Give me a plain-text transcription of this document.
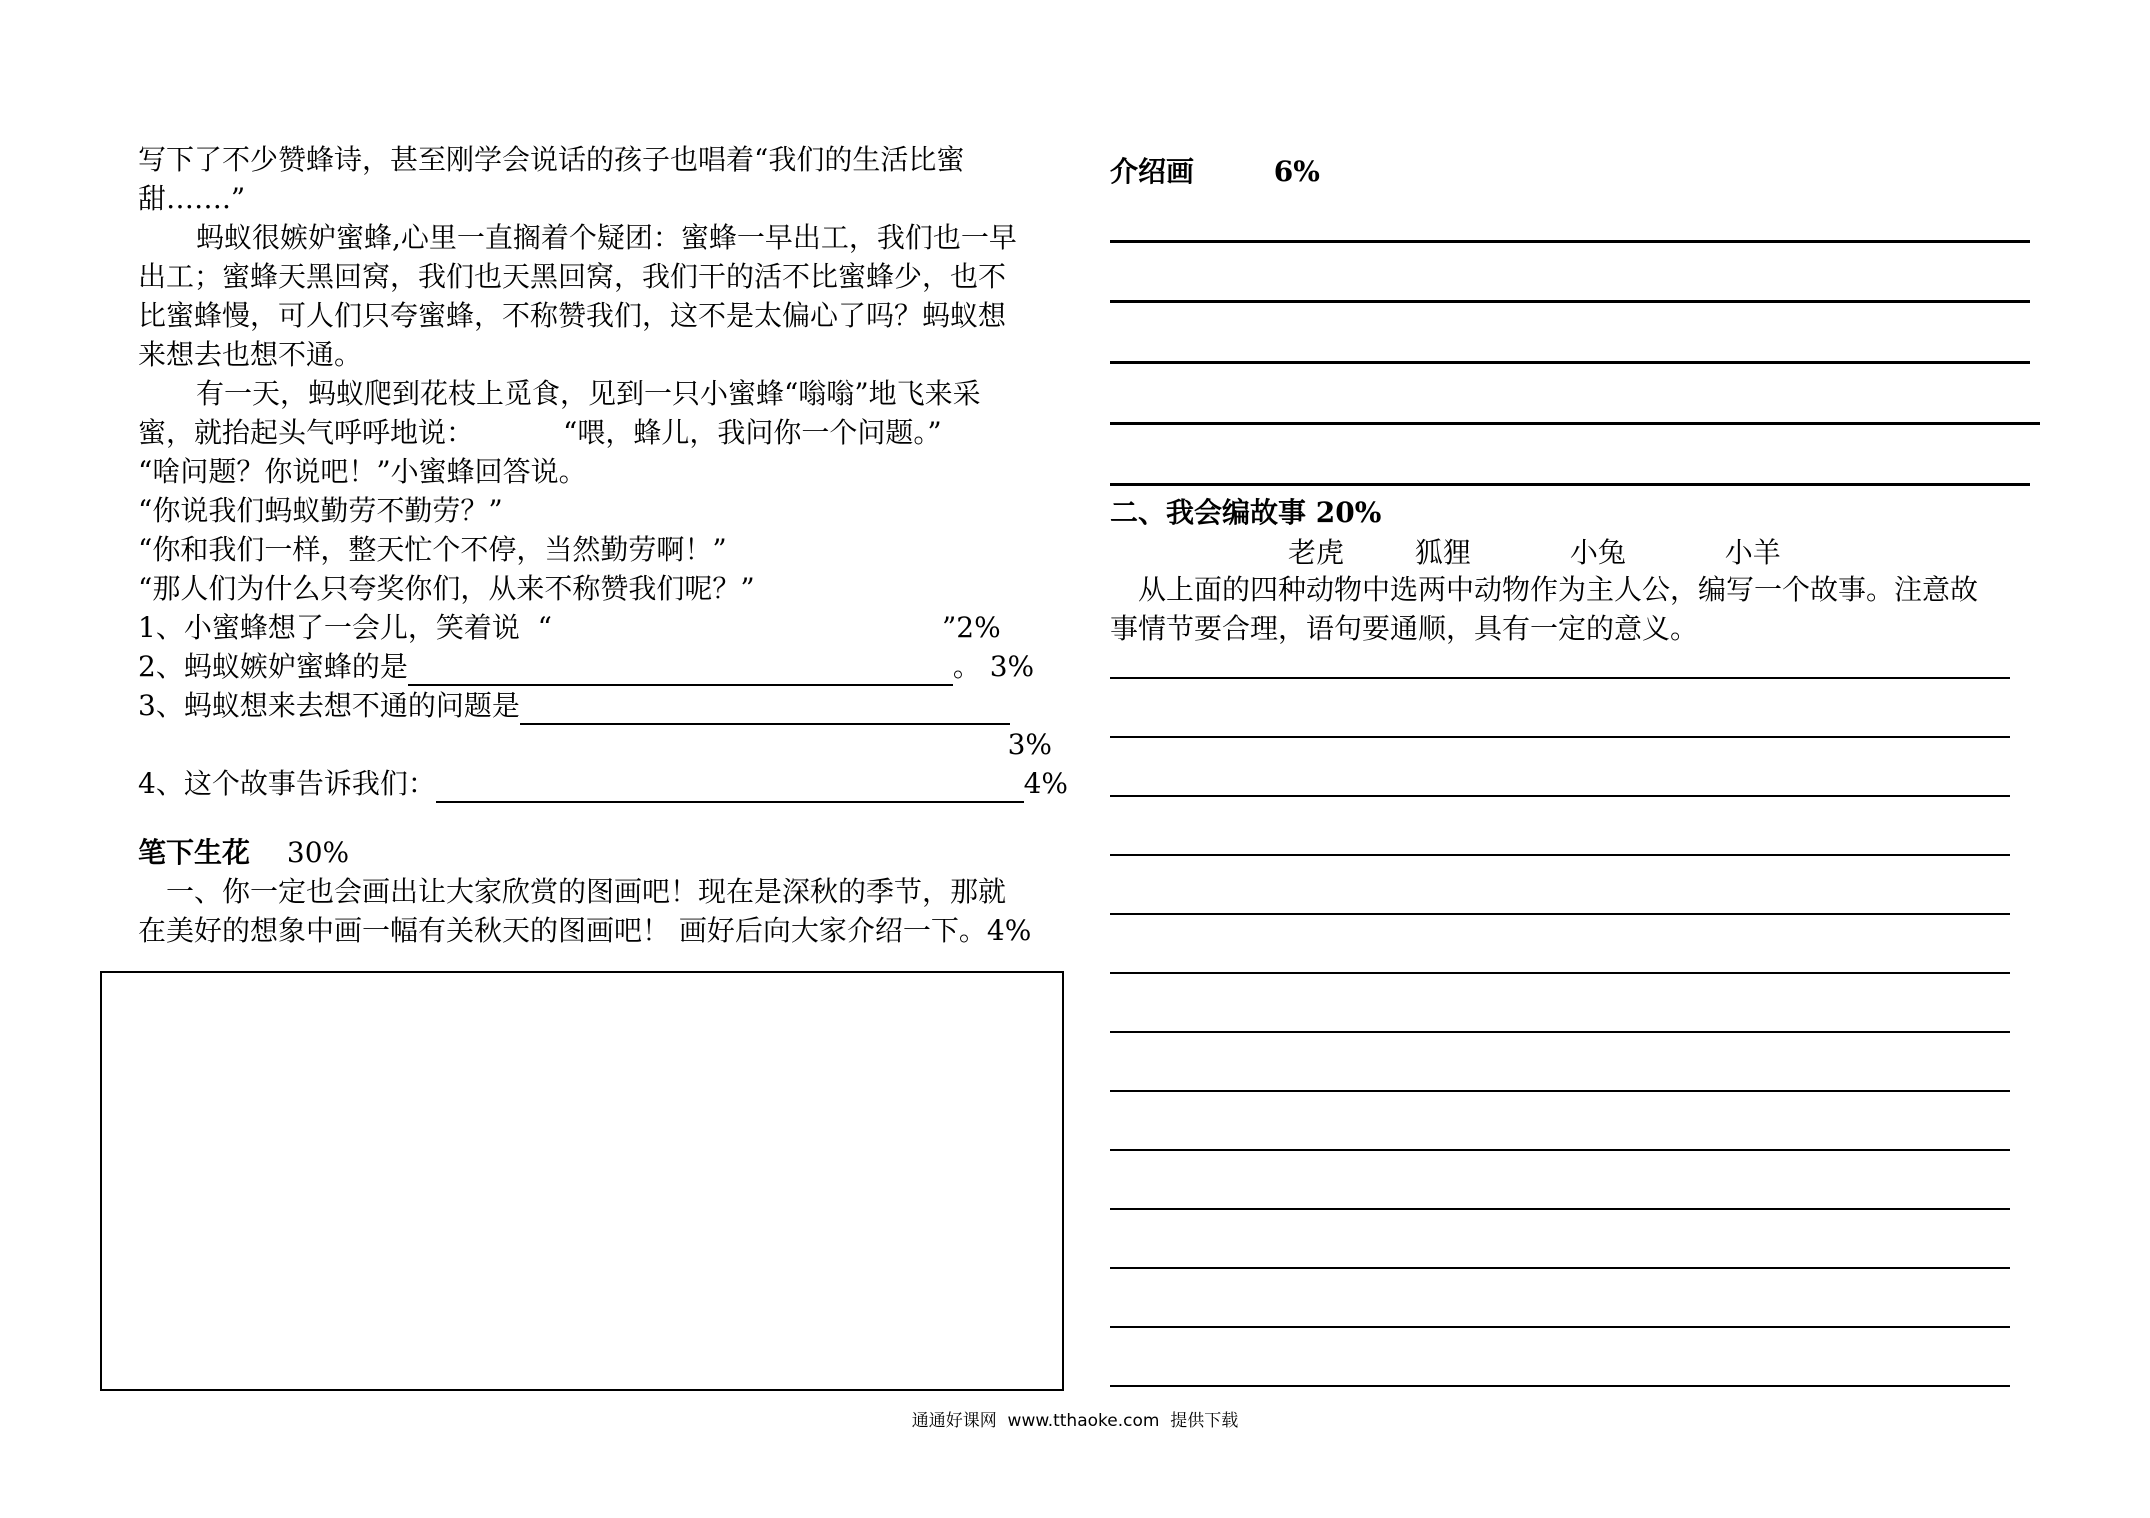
写下了不少赞蜂诗，甚至刚学会说话的孩子也唱着“我们的生活比蜜

甜…….”

蚂蚁很嫉妒蜜蜂,心里一直搁着个疑团：蜜蜂一早出工，我们也一早

出工；蜜蜂天黑回窝，我们也天黑回窝，我们干的活不比蜜蜂少，也不

比蜜蜂慢，可人们只夸蜜蜂，不称赞我们，这不是太偏心了吗？蚂蚁想

来想去也想不通。

有一天，蚂蚁爬到花枝上觅食，见到一只小蜜蜂“嗡嗡”地飞来采

蜜，就抬起头气呼呼地说：          “喂，蜂儿，我问你一个问题。”

“啥问题？你说吧！”小蜜蜂回答说。

“你说我们蚂蚁勤劳不勤劳？”

“你和我们一样，整天忙个不停，当然勤劳啊！”

“那人们为什么只夸奖你们，从来不称赞我们呢？”

1、小蜜蜂想了一会儿，笑着说  “	”2%
2、蚂蚁嫉妒蜜蜂的是	。 3%
3、蚂蚁想来去想不通的问题是
3%
4、这个故事告诉我们：	4%

笔下生花 30%

一、你一定也会画出让大家欣赏的图画吧！现在是深秋的季节，那就

在美好的想象中画一幅有关秋天的图画吧！ 画好后向大家介绍一下。4%

介绍画	6%

二、我会编故事 20%

老虎	狐狸	小兔	小羊

从上面的四种动物中选两中动物作为主人公，编写一个故事。注意故

事情节要合理，语句要通顺，具有一定的意义。

通通好课网  www.tthaoke.com  提供下载
